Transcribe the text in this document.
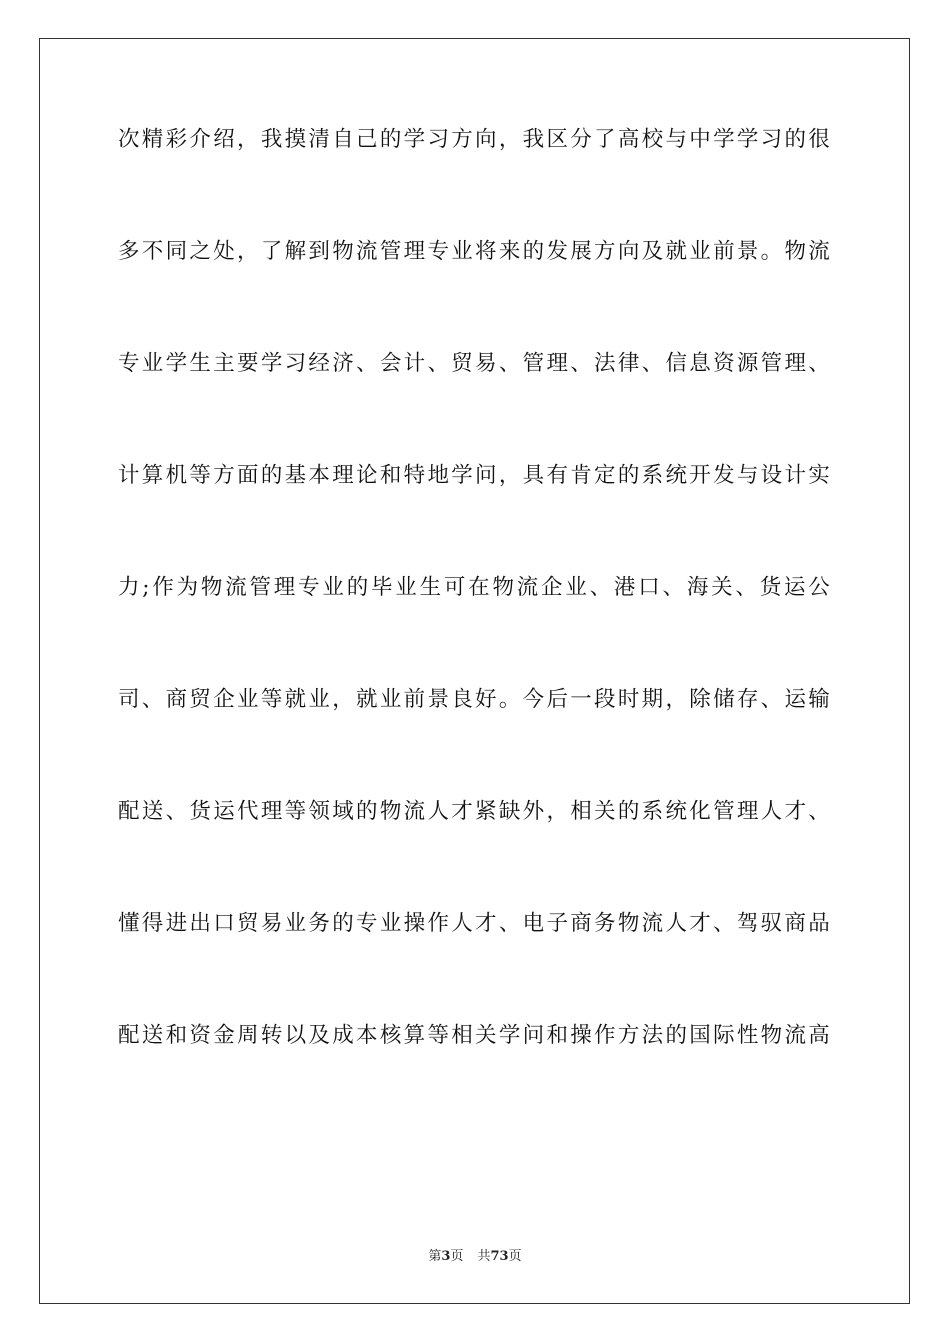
次精彩介绍，我摸清自己的学习方向，我区分了高校与中学学习的很
多不同之处，了解到物流管理专业将来的发展方向及就业前景。物流
专业学生主要学习经济、会计、贸易、管理、法律、信息资源管理、
计算机等方面的基本理论和特地学问，具有肯定的系统开发与设计实
力;作为物流管理专业的毕业生可在物流企业、港口、海关、货运公
司、商贸企业等就业，就业前景良好。今后一段时期，除储存、运输
配送、货运代理等领域的物流人才紧缺外，相关的系统化管理人才、
懂得进出口贸易业务的专业操作人才、电子商务物流人才、驾驭商品
配送和资金周转以及成本核算等相关学问和操作方法的国际性物流高
第3页 共73页
